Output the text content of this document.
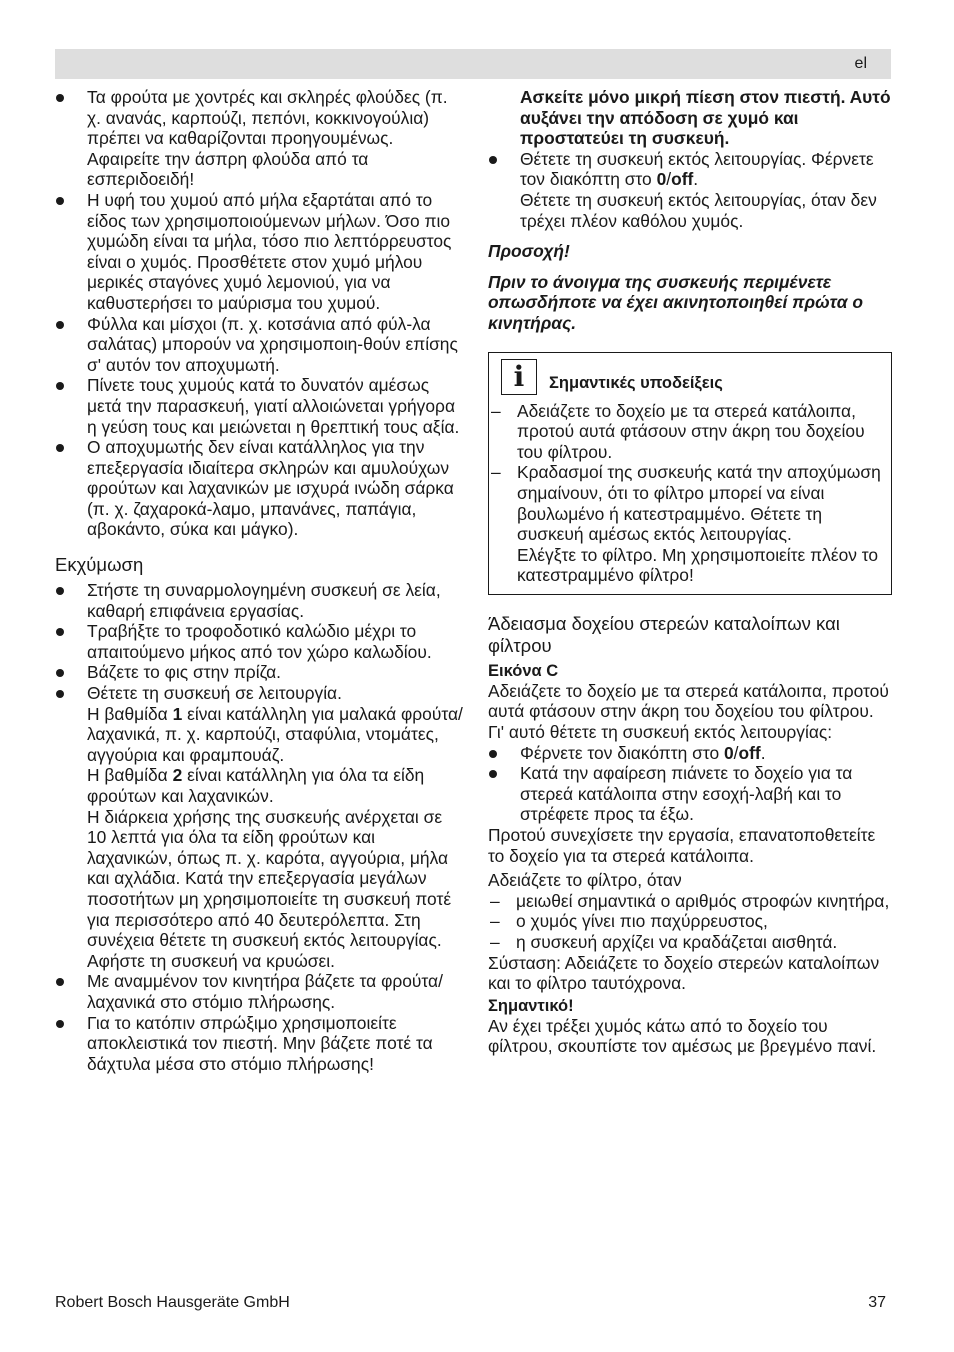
el
Τα φρούτα με χοντρές και σκληρές φλούδες (π. χ. ανανάς, καρπούζι, πεπόνι, κοκκινογούλια) πρέπει να καθαρίζονται προηγουμένως. Αφαιρείτε την άσπρη φλούδα από τα εσπεριδοειδή!
Η υφή του χυμού από μήλα εξαρτάται από το είδος των χρησιμοποιούμενων μήλων. Όσο πιο χυμώδη είναι τα μήλα, τόσο πιο λεπτόρρευστος είναι ο χυμός. Προσθέτετε στον χυμό μήλου μερικές σταγόνες χυμό λεμονιού, για να καθυστερήσει το μαύρισμα του χυμού.
Φύλλα και μίσχοι (π. χ. κοτσάνια από φύλ-λα σαλάτας) μπορούν να χρησιμοποιη-θούν επίσης σ' αυτόν τον αποχυμωτή.
Πίνετε τους χυμούς κατά το δυνατόν αμέσως μετά την παρασκευή, γιατί αλλοιώνεται γρήγορα η γεύση τους και μειώνεται η θρεπτική τους αξία.
Ο αποχυμωτής δεν είναι κατάλληλος για την επεξεργασία ιδιαίτερα σκληρών και αμυλούχων φρούτων και λαχανικών με ισχυρά ινώδη σάρκα (π. χ. ζαχαροκά-λαμο, μπανάνες, παπάγια, αβοκάντο, σύκα και μάγκο).
Εκχύμωση
Στήστε τη συναρμολογημένη συσκευή σε λεία, καθαρή επιφάνεια εργασίας.
Τραβήξτε το τροφοδοτικό καλώδιο μέχρι το απαιτούμενο μήκος από τον χώρο καλωδίου.
Βάζετε το φις στην πρίζα.
Θέτετε τη συσκευή σε λειτουργία.
Η βαθμίδα 1 είναι κατάλληλη για μαλακά φρούτα/λαχανικά, π. χ. καρπούζι, σταφύλια, ντομάτες, αγγούρια και φραμπουάζ.
Η βαθμίδα 2 είναι κατάλληλη για όλα τα είδη φρούτων και λαχανικών.
Η διάρκεια χρήσης της συσκευής ανέρχεται σε 10 λεπτά για όλα τα είδη φρούτων και λαχανικών, όπως π. χ. καρότα, αγγούρια, μήλα και αχλάδια. Κατά την επεξεργασία μεγάλων ποσοτήτων μη χρησιμοποιείτε τη συσκευή ποτέ για περισσότερο από 40 δευτερόλεπτα. Στη συνέχεια θέτετε τη συσκευή εκτός λειτουργίας. Αφήστε τη συσκευή να κρυώσει.
Με αναμμένον τον κινητήρα βάζετε τα φρούτα/λαχανικά στο στόμιο πλήρωσης.
Για το κατόπιν σπρώξιμο χρησιμοποιείτε αποκλειστικά τον πιεστή. Μην βάζετε ποτέ τα δάχτυλα μέσα στο στόμιο πλήρωσης!

Ασκείτε μόνο μικρή πίεση στον πιεστή. Αυτό αυξάνει την απόδοση σε χυμό και προστατεύει τη συσκευή.

Θέτετε τη συσκευή εκτός λειτουργίας. Φέρνετε τον διακόπτη στο 0/off.
Θέτετε τη συσκευή εκτός λειτουργίας, όταν δεν τρέχει πλέον καθόλου χυμός.

Προσοχή!

Πριν το άνοιγμα της συσκευής περιμένετε οπωσδήποτε να έχει ακινητοποιηθεί πρώτα ο κινητήρας.

i	Σημαντικές υποδείξεις
– Αδειάζετε το δοχείο με τα στερεά κατάλοιπα, προτού αυτά φτάσουν στην άκρη του δοχείου του φίλτρου.
– Κραδασμοί της συσκευής κατά την αποχύμωση σημαίνουν, ότι το φίλτρο μπορεί να είναι βουλωμένο ή κατεστραμμένο. Θέτετε τη συσκευή αμέσως εκτός λειτουργίας.
Ελέγξτε το φίλτρο. Μη χρησιμοποιείτε πλέον το κατεστραμμένο φίλτρο!
Άδειασμα δοχείου στερεών καταλοίπων και φίλτρου
Εικόνα C

Αδειάζετε το δοχείο με τα στερεά κατάλοιπα, προτού αυτά φτάσουν στην άκρη του δοχείου του φίλτρου. Γι' αυτό θέτετε τη συσκευή εκτός λειτουργίας:

Φέρνετε τον διακόπτη στο 0/off.
Κατά την αφαίρεση πιάνετε το δοχείο για τα στερεά κατάλοιπα στην εσοχή-λαβή και το στρέφετε προς τα έξω.

Προτού συνεχίσετε την εργασία, επανατοποθετείτε το δοχείο για τα στερεά κατάλοιπα.

Αδειάζετε το φίλτρο, όταν

– μειωθεί σημαντικά ο αριθμός στροφών κινητήρα,
– ο χυμός γίνει πιο παχύρρευστος,
– η συσκευή αρχίζει να κραδάζεται αισθητά.

Σύσταση: Αδειάζετε το δοχείο στερεών καταλοίπων και το φίλτρο ταυτόχρονα.

Σημαντικό!

Αν έχει τρέξει χυμός κάτω από το δοχείο του φίλτρου, σκουπίστε τον αμέσως με βρεγμένο πανί.

Robert Bosch Hausgeräte GmbH	37
